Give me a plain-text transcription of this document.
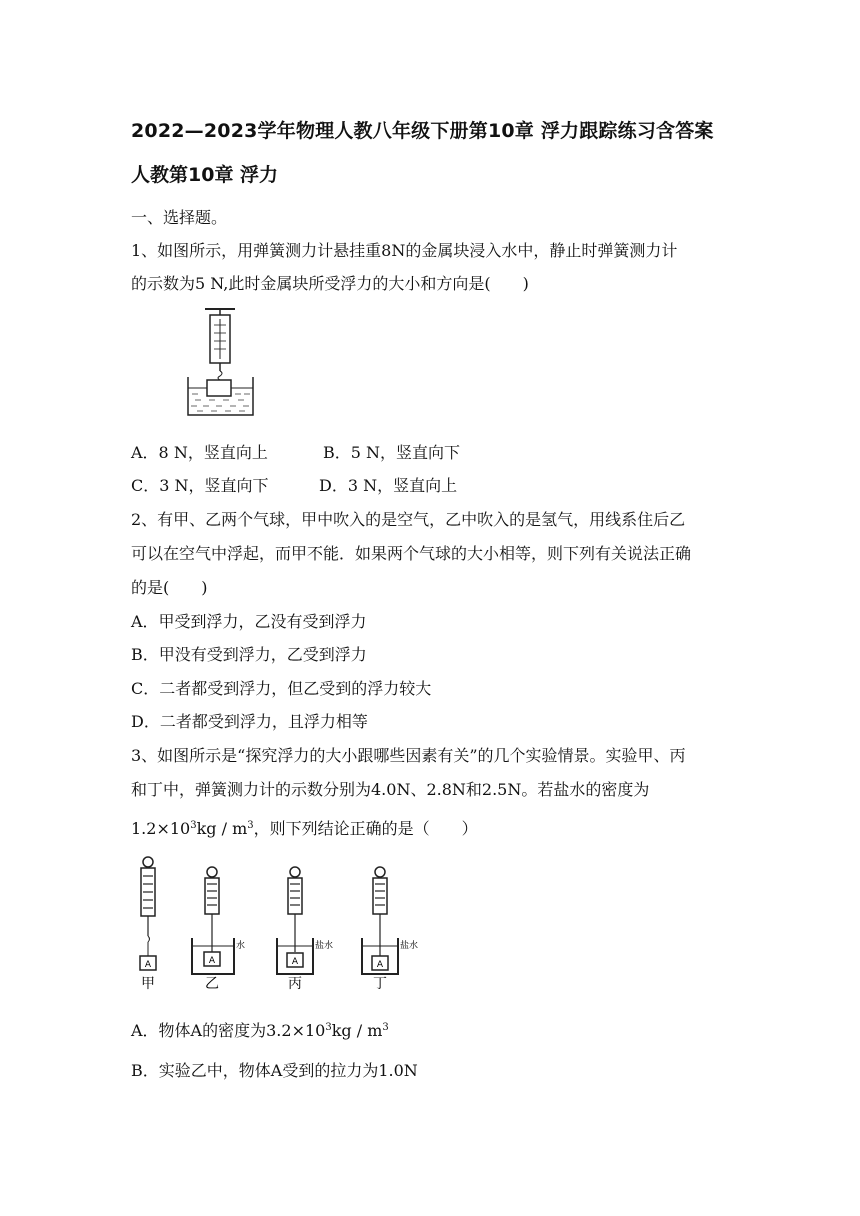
2022—2023学年物理人教八年级下册第10章 浮力跟踪练习含答案
人教第10章 浮力
一、选择题。
1、如图所示，用弹簧测力计悬挂重8N的金属块浸入水中，静止时弹簧测力计
的示数为5 N,此时金属块所受浮力的大小和方向是(　　)
A．8 N，竖直向上	B．5 N，竖直向下
C．3 N，竖直向下	D．3 N，竖直向上
2、有甲、乙两个气球，甲中吹入的是空气，乙中吹入的是氢气，用线系住后乙
可以在空气中浮起，而甲不能．如果两个气球的大小相等，则下列有关说法正确
的是(　　)
A．甲受到浮力，乙没有受到浮力
B．甲没有受到浮力，乙受到浮力
C．二者都受到浮力，但乙受到的浮力较大
D．二者都受到浮力，且浮力相等
3、如图所示是“探究浮力的大小跟哪些因素有关”的几个实验情景。实验甲、丙
和丁中，弹簧测力计的示数分别为4.0N、2.8N和2.5N。若盐水的密度为
$1.2\times 10^3kg / m^3$，则下列结论正确的是（　　）
A
甲
A
水
乙
A
盐水
丙
A
盐水
丁
A．物体A的密度为$3.2\times 10^3kg / m^3$
B．实验乙中，物体A受到的拉力为1.0N
